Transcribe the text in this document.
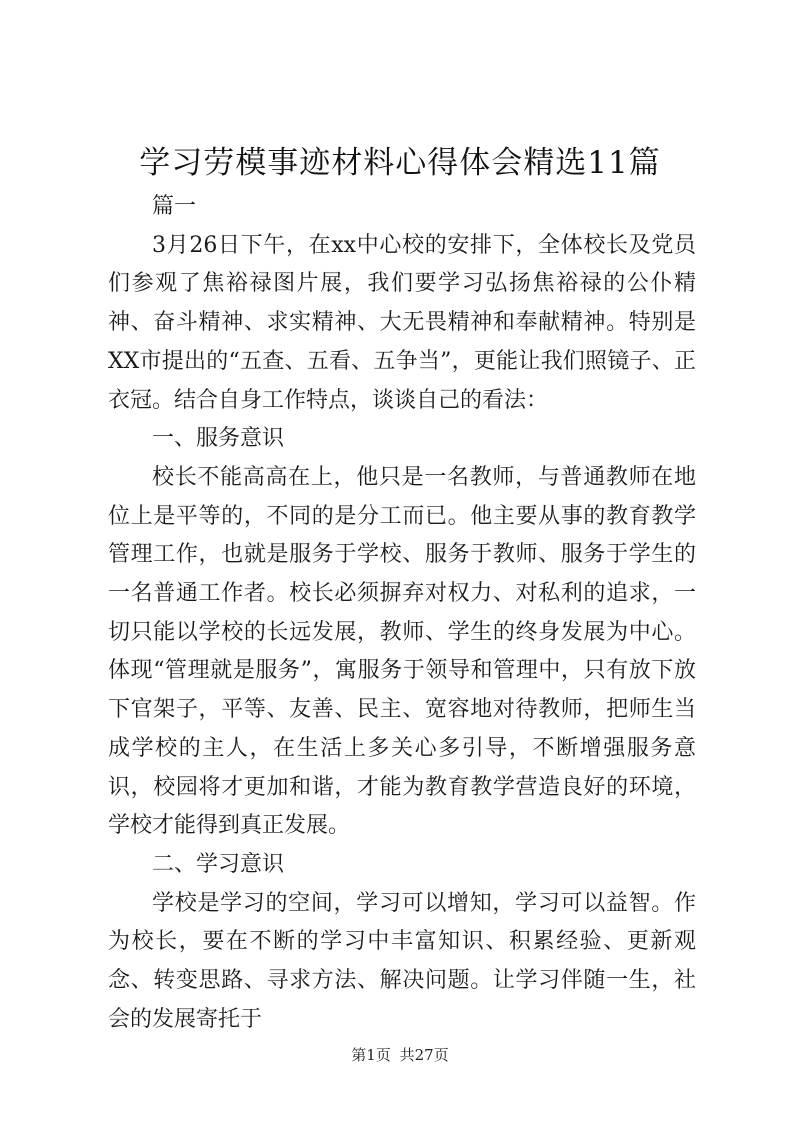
学习劳模事迹材料心得体会精选11篇

篇一

3月26日下午，在xx中心校的安排下，全体校长及党员们参观了焦裕禄图片展，我们要学习弘扬焦裕禄的公仆精神、奋斗精神、求实精神、大无畏精神和奉献精神。特别是XX市提出的“五查、五看、五争当”，更能让我们照镜子、正衣冠。结合自身工作特点，谈谈自己的看法：

一、服务意识

校长不能高高在上，他只是一名教师，与普通教师在地位上是平等的，不同的是分工而已。他主要从事的教育教学管理工作，也就是服务于学校、服务于教师、服务于学生的一名普通工作者。校长必须摒弃对权力、对私利的追求，一切只能以学校的长远发展，教师、学生的终身发展为中心。体现“管理就是服务”，寓服务于领导和管理中，只有放下放下官架子，平等、友善、民主、宽容地对待教师，把师生当成学校的主人，在生活上多关心多引导，不断增强服务意识，校园将才更加和谐，才能为教育教学营造良好的环境，学校才能得到真正发展。

二、学习意识

学校是学习的空间，学习可以增知，学习可以益智。作为校长，要在不断的学习中丰富知识、积累经验、更新观念、转变思路、寻求方法、解决问题。让学习伴随一生，社会的发展寄托于

第1页 共27页
